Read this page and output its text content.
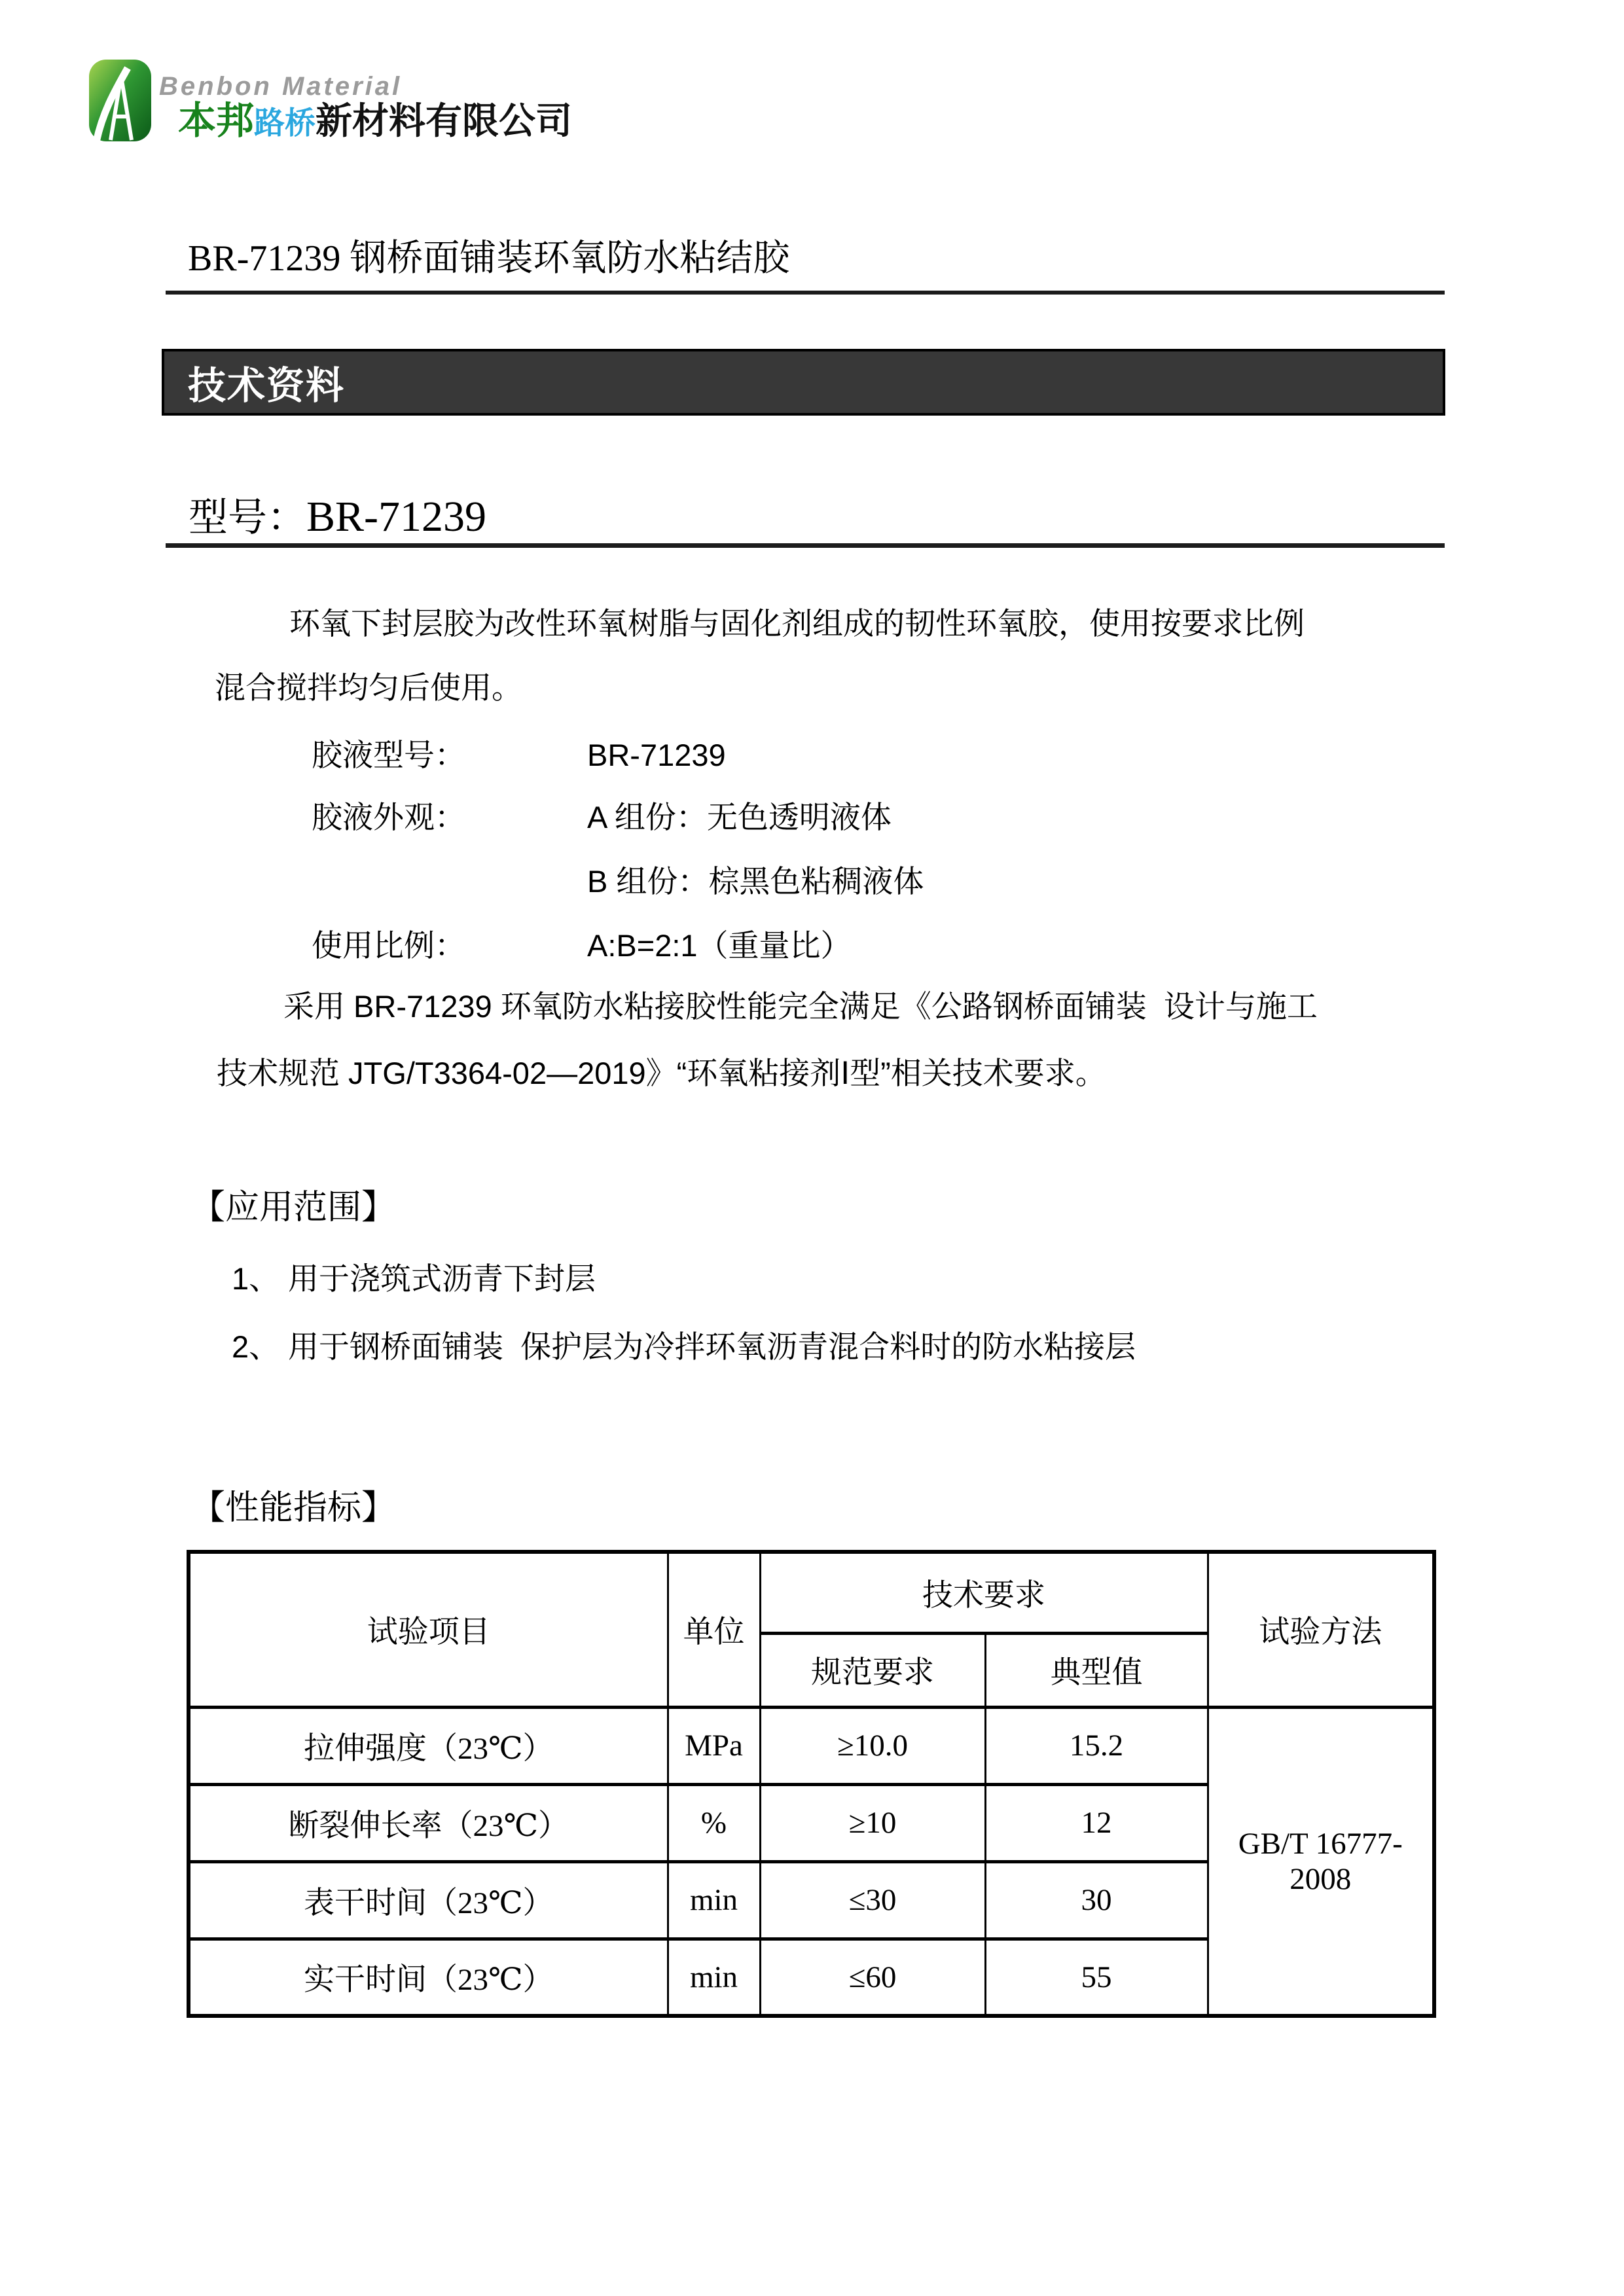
Benbon Material
本邦路桥新材料有限公司
BR-71239 钢桥面铺装环氧防水粘结胶
技术资料
型号：BR-71239
环氧下封层胶为改性环氧树脂与固化剂组成的韧性环氧胶，使用按要求比例
混合搅拌均匀后使用。
胶液型号：	BR-71239
胶液外观：	A 组份：无色透明液体
B 组份：棕黑色粘稠液体
使用比例：	A:B=2:1（重量比）
采用 BR-71239 环氧防水粘接胶性能完全满足《公路钢桥面铺装  设计与施工
技术规范 JTG/T3364-02—2019》“环氧粘接剂Ⅰ型”相关技术要求。
【应用范围】
1、 用于浇筑式沥青下封层
2、 用于钢桥面铺装  保护层为冷拌环氧沥青混合料时的防水粘接层
【性能指标】
试验项目	单位	技术要求		试验方法
		规范要求	典型值	
拉伸强度（23℃）	MPa	≥10.0	15.2	GB/T 16777-2008
断裂伸长率（23℃）	%	≥10	12	
表干时间（23℃）	min	≤30	30	
实干时间（23℃）	min	≤60	55	
